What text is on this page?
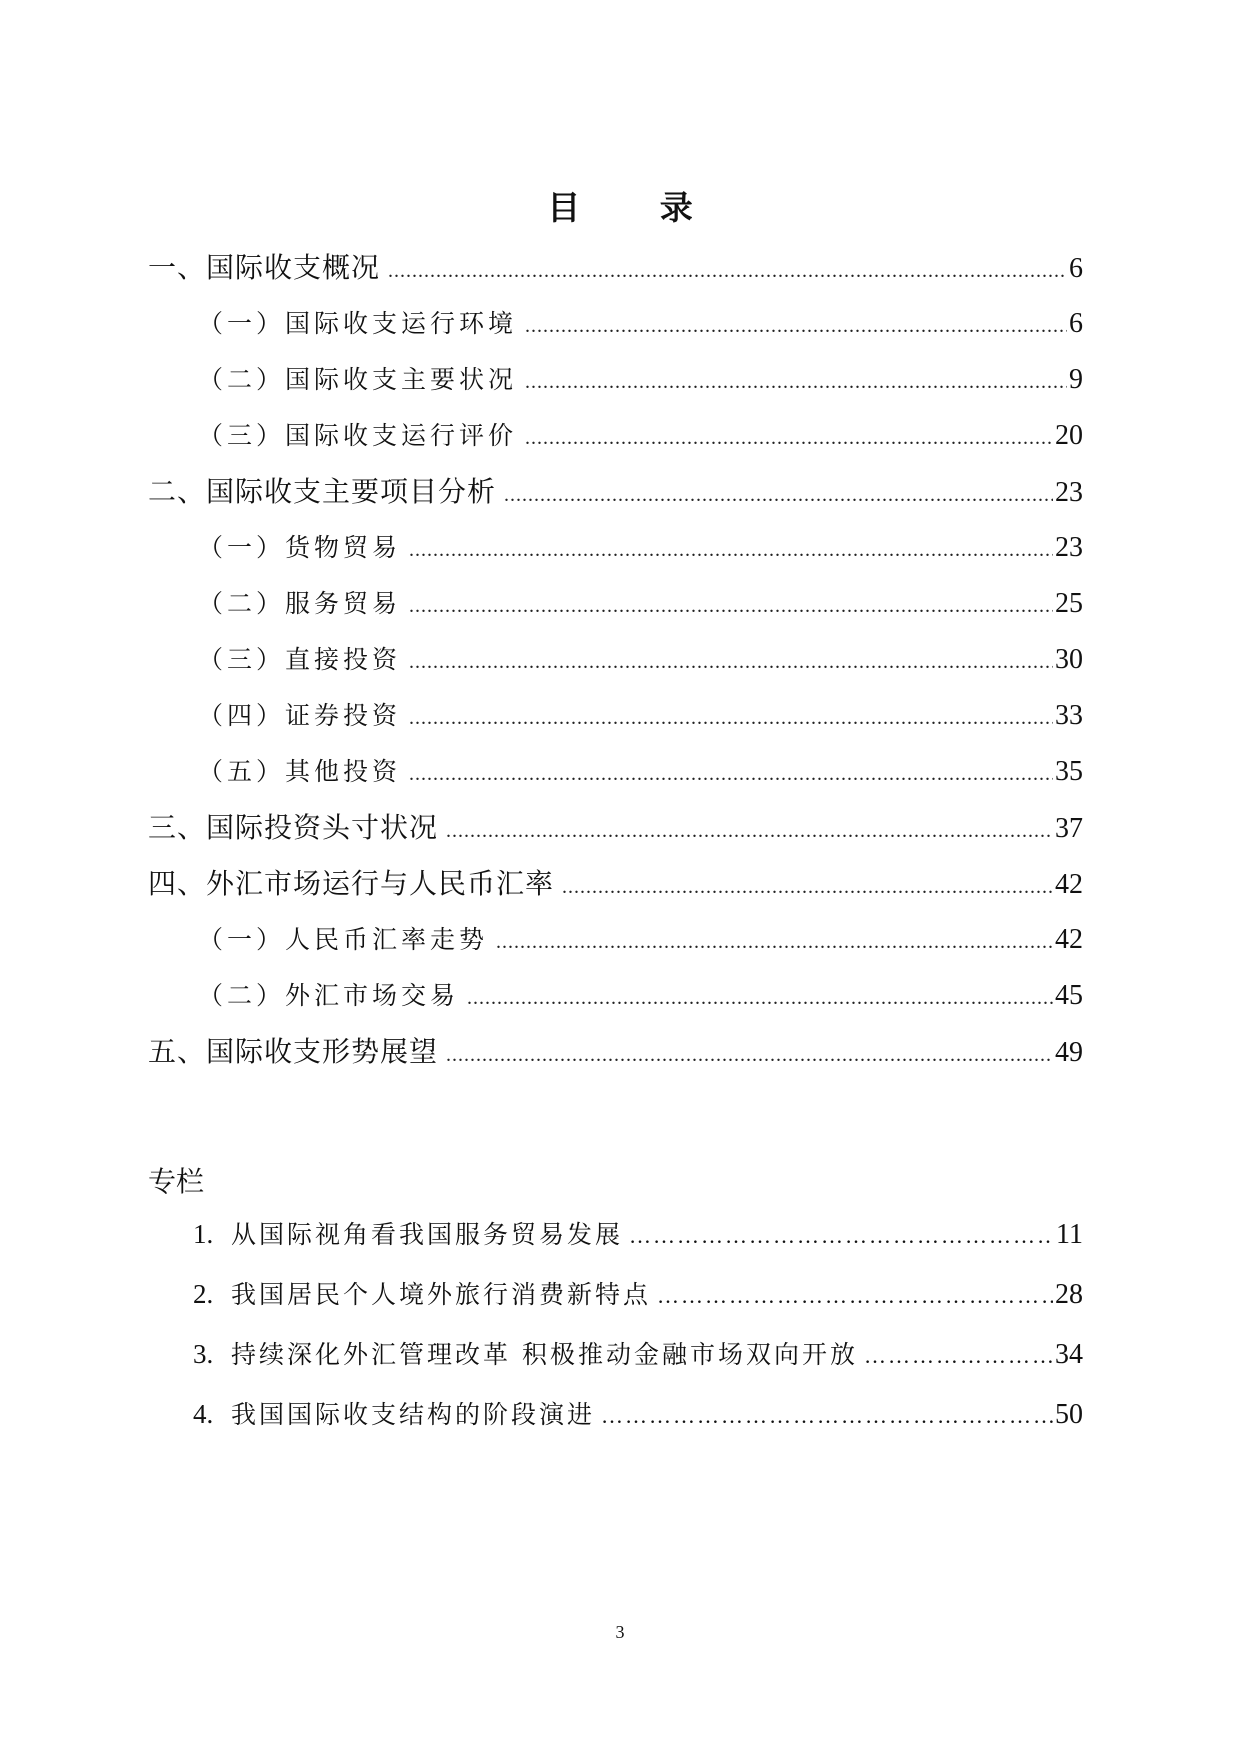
目 录
一、国际收支概况 .....	6
（一）国际收支运行环境 .....	6
（二）国际收支主要状况 .....	9
（三）国际收支运行评价 .....	20
二、国际收支主要项目分析 .....	23
（一）货物贸易 .....	23
（二）服务贸易 .....	25
（三）直接投资 .....	30
（四）证券投资 .....	33
（五）其他投资 .....	35
三、国际投资头寸状况 .....	37
四、外汇市场运行与人民币汇率 .....	42
（一）人民币汇率走势 .....	42
（二）外汇市场交易 .....	45
五、国际收支形势展望 .....	49
专栏
1. 从国际视角看我国服务贸易发展 …………………………………………………………………………………………………………………………………………………………………………………………	11
2. 我国居民个人境外旅行消费新特点 …………………………………………………………………………………………………………………………………………………………………………………………	28
3. 持续深化外汇管理改革 积极推动金融市场双向开放 …………………………………………………………………………………………………………………………………………………………………………………………	34
4. 我国国际收支结构的阶段演进 …………………………………………………………………………………………………………………………………………………………………………………………	50
3
